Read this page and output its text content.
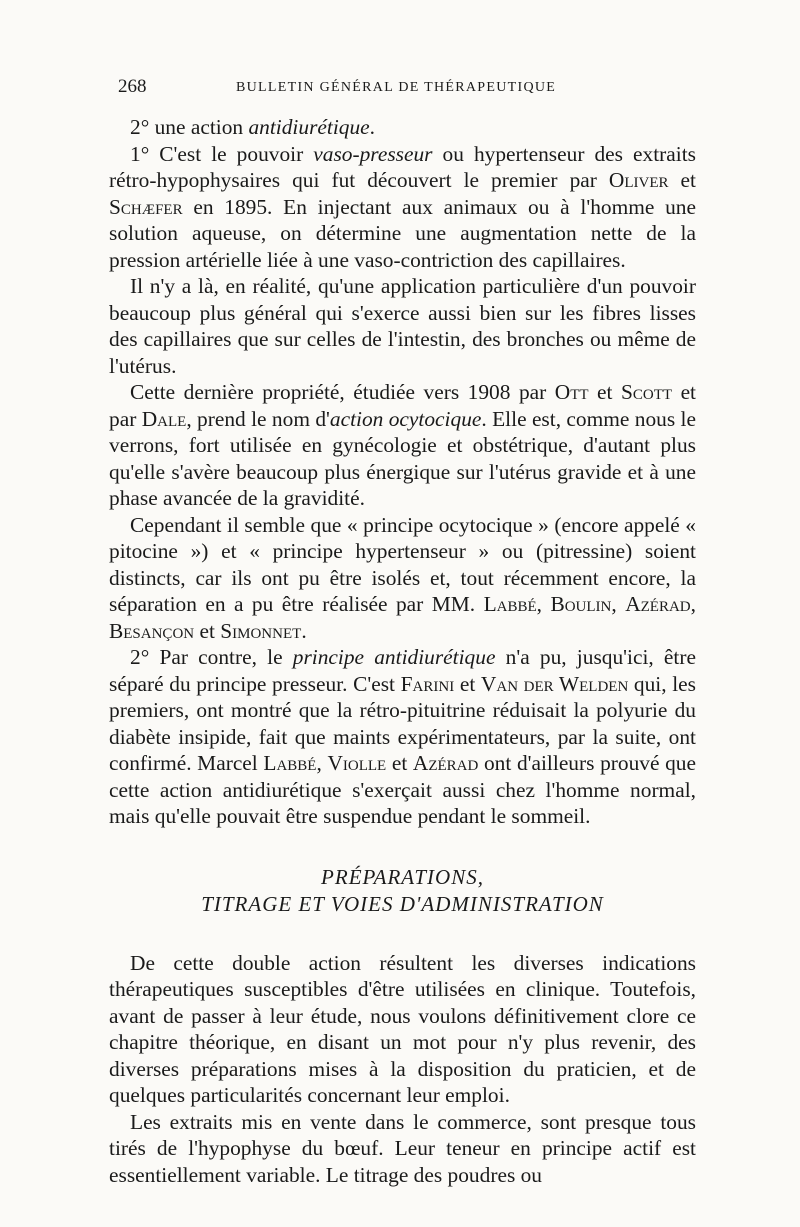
268	BULLETIN GÉNÉRAL DE THÉRAPEUTIQUE

2° une action antidiurétique.

1° C'est le pouvoir vaso-presseur ou hypertenseur des extraits rétro-hypophysaires qui fut découvert le premier par Oliver et Schæfer en 1895. En injectant aux animaux ou à l'homme une solution aqueuse, on détermine une augmentation nette de la pression artérielle liée à une vaso-contriction des capillaires.

Il n'y a là, en réalité, qu'une application particulière d'un pouvoir beaucoup plus général qui s'exerce aussi bien sur les fibres lisses des capillaires que sur celles de l'intestin, des bronches ou même de l'utérus.

Cette dernière propriété, étudiée vers 1908 par Ott et Scott et par Dale, prend le nom d'action ocytocique. Elle est, comme nous le verrons, fort utilisée en gynécologie et obstétrique, d'autant plus qu'elle s'avère beaucoup plus énergique sur l'utérus gravide et à une phase avancée de la gravidité.

Cependant il semble que « principe ocytocique » (encore appelé « pitocine ») et « principe hypertenseur » ou (pitressine) soient distincts, car ils ont pu être isolés et, tout récemment encore, la séparation en a pu être réalisée par MM. Labbé, Boulin, Azérad, Besançon et Simonnet.

2° Par contre, le principe antidiurétique n'a pu, jusqu'ici, être séparé du principe presseur. C'est Farini et Van der Welden qui, les premiers, ont montré que la rétro-pituitrine réduisait la polyurie du diabète insipide, fait que maints expérimentateurs, par la suite, ont confirmé. Marcel Labbé, Violle et Azérad ont d'ailleurs prouvé que cette action antidiurétique s'exerçait aussi chez l'homme normal, mais qu'elle pouvait être suspendue pendant le sommeil.

PRÉPARATIONS,
TITRAGE ET VOIES D'ADMINISTRATION

De cette double action résultent les diverses indications thérapeutiques susceptibles d'être utilisées en clinique. Toutefois, avant de passer à leur étude, nous voulons définitivement clore ce chapitre théorique, en disant un mot pour n'y plus revenir, des diverses préparations mises à la disposition du praticien, et de quelques particularités concernant leur emploi.

Les extraits mis en vente dans le commerce, sont presque tous tirés de l'hypophyse du bœuf. Leur teneur en principe actif est essentiellement variable. Le titrage des poudres ou
